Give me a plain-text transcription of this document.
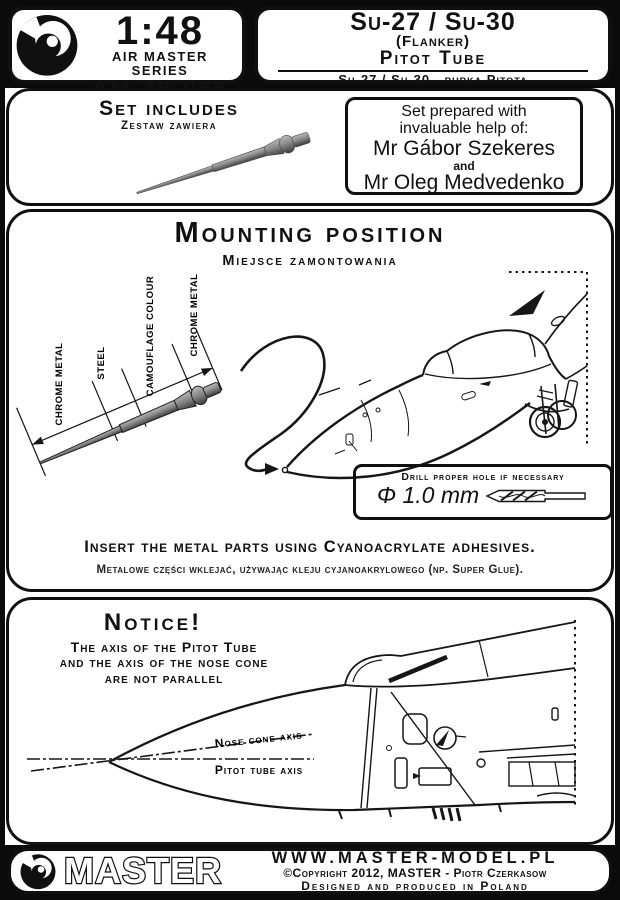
1:48
AIR MASTER SERIES
Su-27 / Su-30
(Flanker)
Pitot Tube
Su-27 / Su-30 - rurka Pitota
Set includes
Zestaw zawiera
Set prepared with
invaluable help of:
Mr Gábor Szekeres
and
Mr Oleg Medvedenko
Mounting position
Miejsce zamontowania
CHROME METAL	STEEL	CAMOUFLAGE COLOUR	CHROME METAL
Drill proper hole if necessary
Φ 1.0 mm
Insert the metal parts using Cyanoacrylate adhesives.
Metalowe części wklejać, używając kleju cyjanoakrylowego (np. Super Glue).
Nose cone axis
Pitot tube axis
Notice!
The axis of the Pitot Tube
and the axis of the nose cone
are not parallel
MASTER	WWW.MASTER-MODEL.PL
©Copyright 2012, MASTER - Piotr Czerkasow
Designed and produced in Poland
